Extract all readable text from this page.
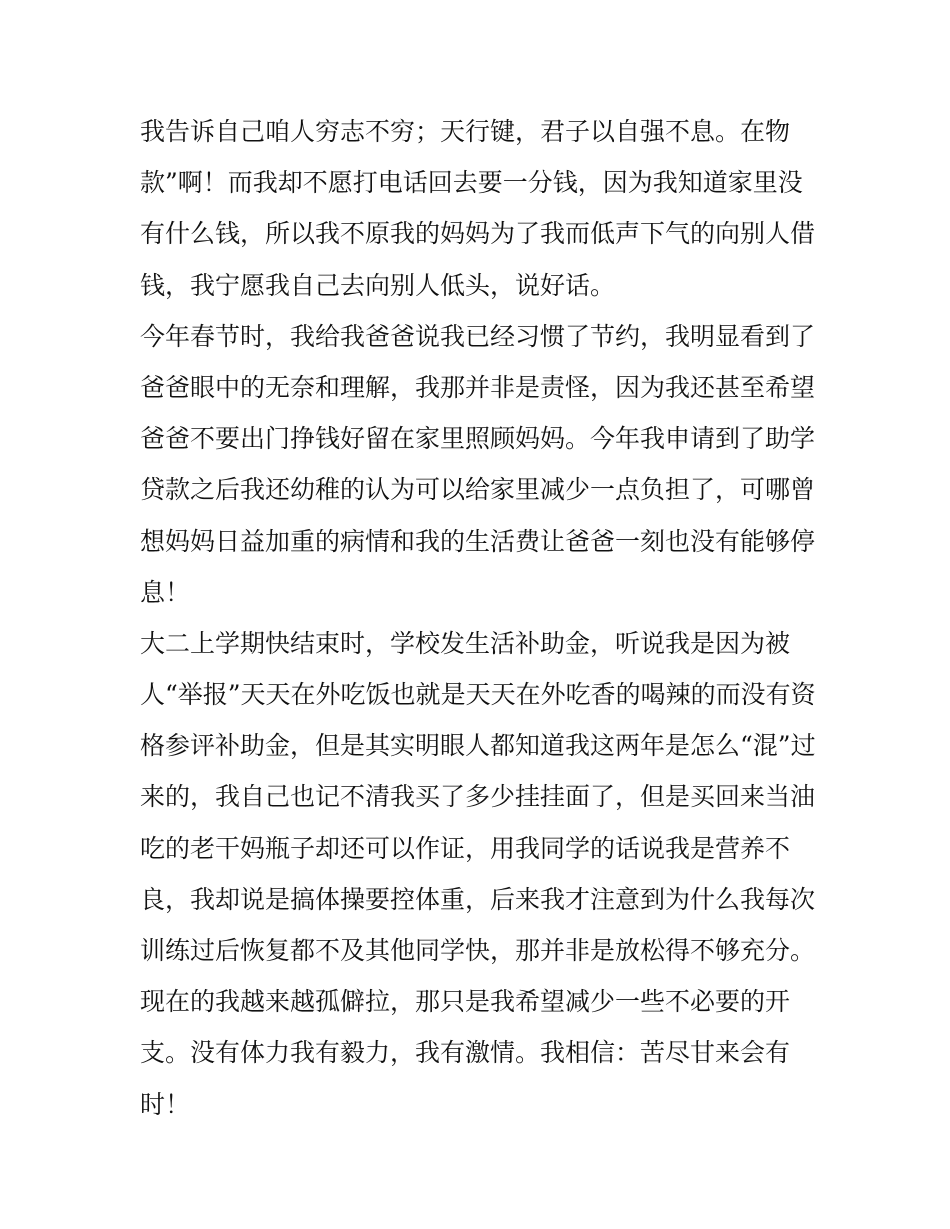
我告诉自己咱人穷志不穷；天行键，君子以自强不息。在物
款”啊！而我却不愿打电话回去要一分钱，因为我知道家里没
有什么钱，所以我不原我的妈妈为了我而低声下气的向别人借
钱，我宁愿我自己去向别人低头，说好话。
今年春节时，我给我爸爸说我已经习惯了节约，我明显看到了
爸爸眼中的无奈和理解，我那并非是责怪，因为我还甚至希望
爸爸不要出门挣钱好留在家里照顾妈妈。今年我申请到了助学
贷款之后我还幼稚的认为可以给家里减少一点负担了，可哪曾
想妈妈日益加重的病情和我的生活费让爸爸一刻也没有能够停
息！
大二上学期快结束时，学校发生活补助金，听说我是因为被
人“举报”天天在外吃饭也就是天天在外吃香的喝辣的而没有资
格参评补助金，但是其实明眼人都知道我这两年是怎么“混”过
来的，我自己也记不清我买了多少挂挂面了，但是买回来当油
吃的老干妈瓶子却还可以作证，用我同学的话说我是营养不
良，我却说是搞体操要控体重，后来我才注意到为什么我每次
训练过后恢复都不及其他同学快，那并非是放松得不够充分。
现在的我越来越孤僻拉，那只是我希望减少一些不必要的开
支。没有体力我有毅力，我有激情。我相信：苦尽甘来会有
时！
